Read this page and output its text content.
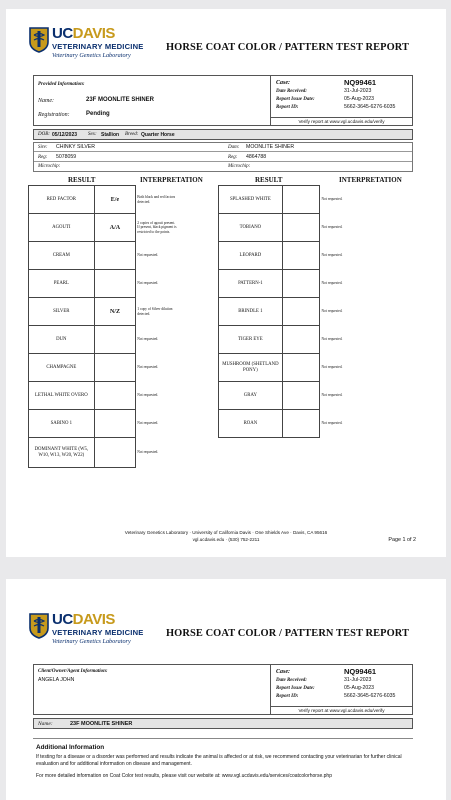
UCDAVIS
VETERINARY MEDICINE
Veterinary Genetics Laboratory
HORSE COAT COLOR / PATTERN TEST REPORT
Provided Information:
Name:	23F MOONLITE SHINER
Registration:	Pending
Case:	NQ99461
Date Received:	31-Jul-2023
Report Issue Date:	05-Aug-2023
Report ID:	5662-3645-6276-6035
Verify report at www.vgl.ucdavis.edu/verify
DOB: 05/12/2023 Sex: Stallion Breed: Quarter Horse
Sire: CHINKY SILVER	Dam: MOONLITE SHINER
Reg: 5078059	Reg: 4864788
Microchip:	Microchip:
RESULT	INTERPRETATION	RESULT	INTERPRETATION
RED FACTOR	E/e	Both black and red factors detected.
AGOUTI	A/A	2 copies of agouti present. If present, black pigment is restricted to the points.
CREAM		Not requested.
PEARL		Not requested.
SILVER	N/Z	1 copy of Silver dilution detected.
DUN		Not requested.
CHAMPAGNE		Not requested.
LETHAL WHITE OVERO		Not requested.
SABINO 1		Not requested.
DOMINANT WHITE (W5, W10, W13, W20, W22)		Not requested.
SPLASHED WHITE		Not requested.
TOBIANO		Not requested.
LEOPARD		Not requested.
PATTERN-1		Not requested.
BRINDLE 1		Not requested.
TIGER EYE		Not requested.
MUSHROOM (SHETLAND PONY)		Not requested.
GRAY		Not requested.
ROAN		Not requested.
Veterinary Genetics Laboratory · University of California Davis · One Shields Ave · Davis, CA 95616
vgl.ucdavis.edu · (530) 752-2211	Page 1 of 2
UCDAVIS
VETERINARY MEDICINE
Veterinary Genetics Laboratory
HORSE COAT COLOR / PATTERN TEST REPORT
Client/Owner/Agent Information:
ANGELA JOHN
Case:	NQ99461
Date Received:	31-Jul-2023
Report Issue Date:	05-Aug-2023
Report ID:	5662-3645-6276-6035
Verify report at www.vgl.ucdavis.edu/verify
Name:	23F MOONLITE SHINER
Additional Information
If testing for a disease or a disorder was performed and results indicate the animal is affected or at risk, we recommend contacting your veterinarian for further clinical evaluation and for additional information on disease and management.
For more detailed information on Coat Color test results, please visit our website at: www.vgl.ucdavis.edu/services/coatcolorhorse.php
